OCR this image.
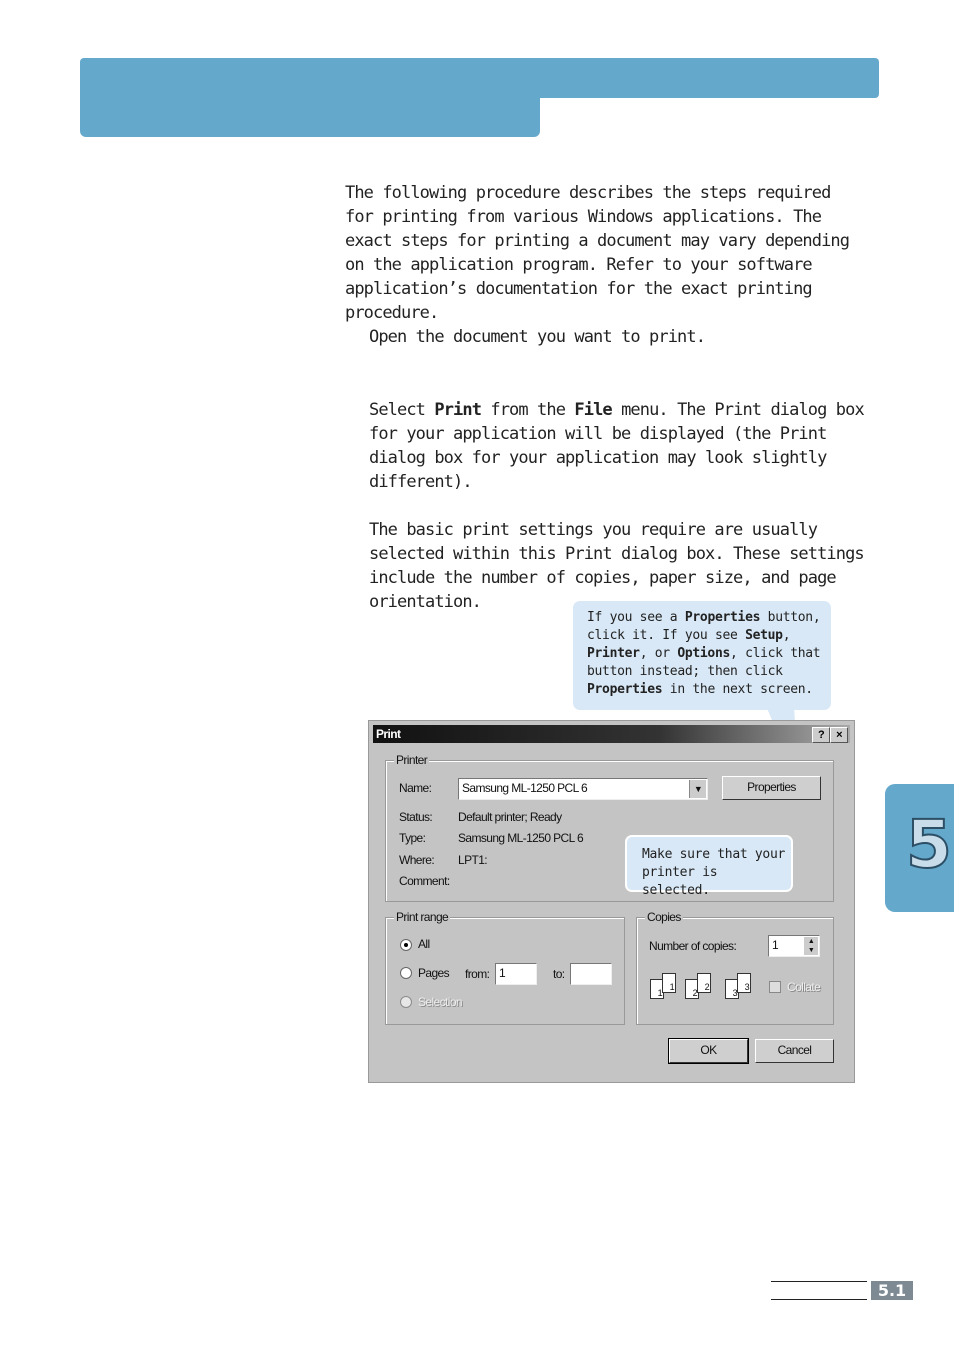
The following procedure describes the steps required for printing from various Windows applications. The exact steps for printing a document may vary depending on the application program. Refer to your software application’s documentation for the exact printing procedure.

Open the document you want to print.

Select Print from the File menu. The Print dialog box for your application will be displayed (the Print dialog box for your application may look slightly different).

The basic print settings you require are usually selected within this Print dialog box. These settings include the number of copies, paper size, and page orientation.

If you see a Properties button, click it. If you see Setup, Printer, or Options, click that button instead; then click Properties in the next screen.
Print	?	×
Printer
Name:	Samsung ML-1250 PCL 6	▼	Properties
Status: Default printer; Ready
Type:	Samsung ML-1250 PCL 6
Where: LPT1:
Comment:
Print range
All
Pages from: 1	to:
Selection
Copies
Number of copies:	1	▲
▼
1
1
2
2
3
3	Collate
OK	Cancel
Make sure that your printer is selected.
5
5.1
